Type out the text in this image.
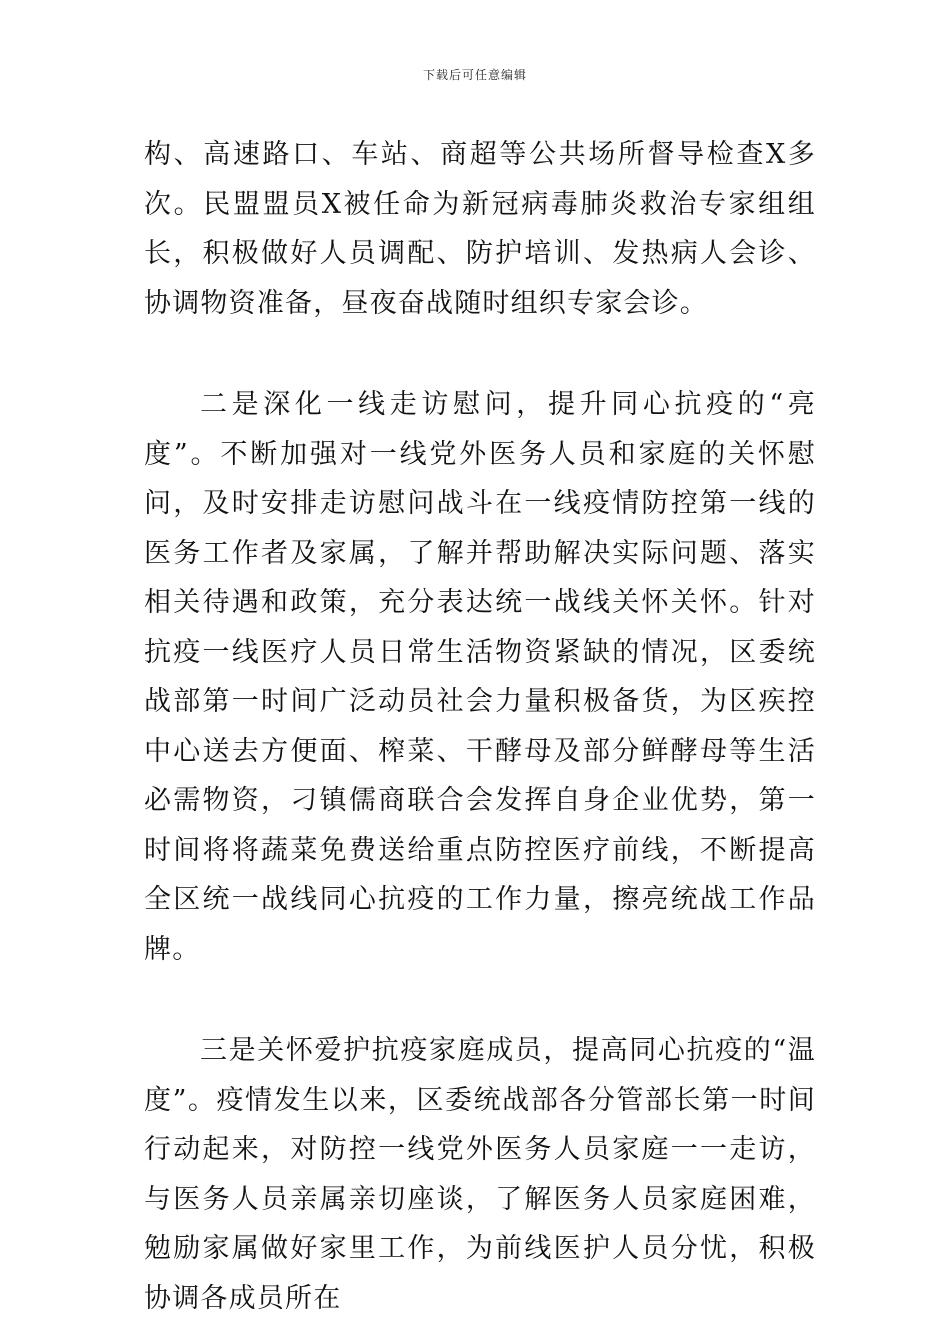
下载后可任意编辑

构、高速路口、车站、商超等公共场所督导检查X多次。民盟盟员X被任命为新冠病毒肺炎救治专家组组长，积极做好人员调配、防护培训、发热病人会诊、协调物资准备，昼夜奋战随时组织专家会诊。

二是深化一线走访慰问，提升同心抗疫的“亮度”。不断加强对一线党外医务人员和家庭的关怀慰问，及时安排走访慰问战斗在一线疫情防控第一线的医务工作者及家属，了解并帮助解决实际问题、落实相关待遇和政策，充分表达统一战线关怀关怀。针对抗疫一线医疗人员日常生活物资紧缺的情况，区委统战部第一时间广泛动员社会力量积极备货，为区疾控中心送去方便面、榨菜、干酵母及部分鲜酵母等生活必需物资，刁镇儒商联合会发挥自身企业优势，第一时间将将蔬菜免费送给重点防控医疗前线，不断提高全区统一战线同心抗疫的工作力量，擦亮统战工作品牌。

三是关怀爱护抗疫家庭成员，提高同心抗疫的“温度”。疫情发生以来，区委统战部各分管部长第一时间行动起来，对防控一线党外医务人员家庭一一走访，与医务人员亲属亲切座谈，了解医务人员家庭困难，勉励家属做好家里工作，为前线医护人员分忧，积极协调各成员所在
